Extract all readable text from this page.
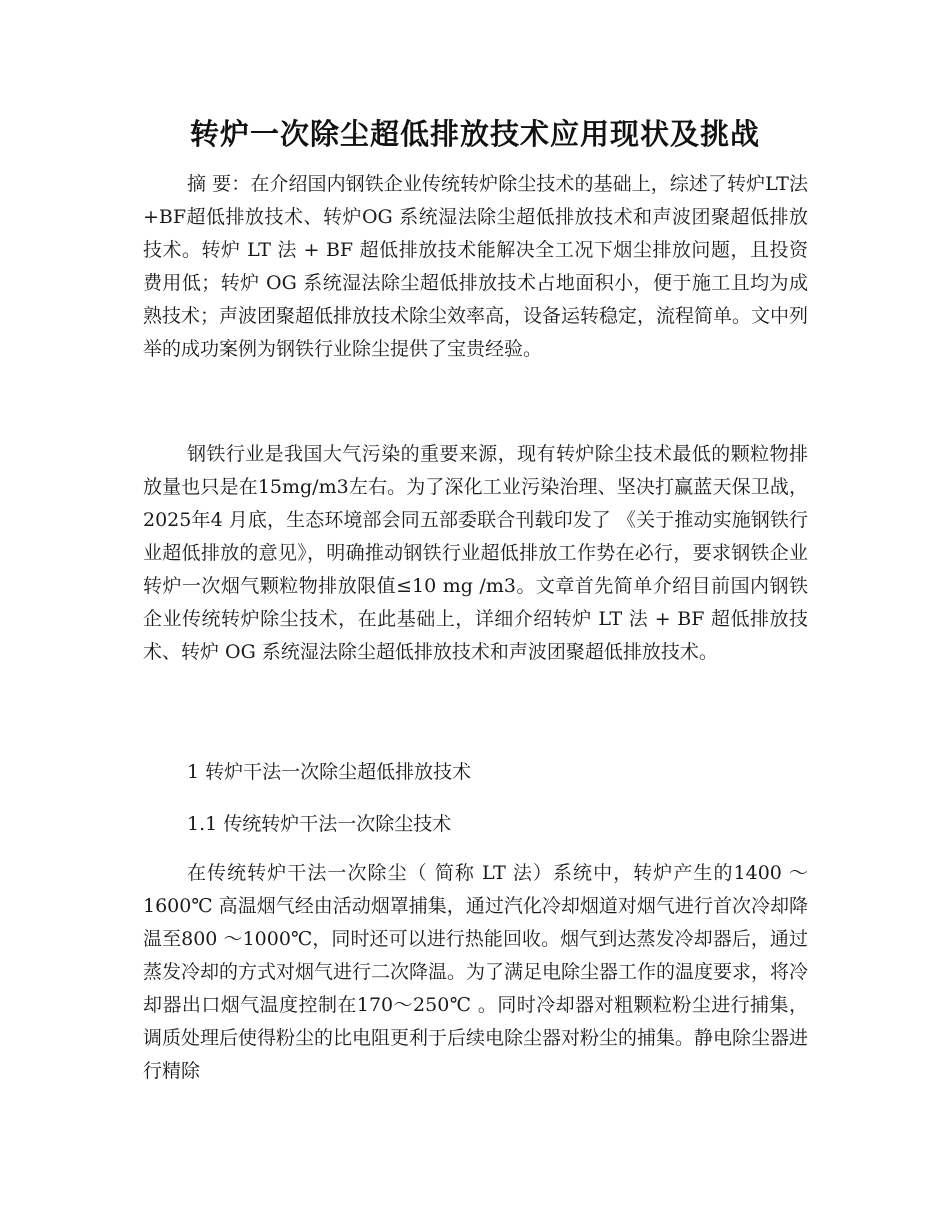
转炉一次除尘超低排放技术应用现状及挑战

摘 要：在介绍国内钢铁企业传统转炉除尘技术的基础上，综述了转炉LT法 +BF超低排放技术、转炉OG 系统湿法除尘超低排放技术和声波团聚超低排放技术。转炉 LT 法 + BF 超低排放技术能解决全工况下烟尘排放问题，且投资费用低；转炉 OG 系统湿法除尘超低排放技术占地面积小，便于施工且均为成熟技术；声波团聚超低排放技术除尘效率高，设备运转稳定，流程简单。文中列举的成功案例为钢铁行业除尘提供了宝贵经验。

钢铁行业是我国大气污染的重要来源，现有转炉除尘技术最低的颗粒物排放量也只是在15mg/m3左右。为了深化工业污染治理、坚决打赢蓝天保卫战，2025年4 月底，生态环境部会同五部委联合刊载印发了 《关于推动实施钢铁行业超低排放的意见》，明确推动钢铁行业超低排放工作势在必行，要求钢铁企业转炉一次烟气颗粒物排放限值≤10 mg /m3。文章首先简单介绍目前国内钢铁企业传统转炉除尘技术，在此基础上，详细介绍转炉 LT 法 + BF 超低排放技术、转炉 OG 系统湿法除尘超低排放技术和声波团聚超低排放技术。

1 转炉干法一次除尘超低排放技术

1.1 传统转炉干法一次除尘技术

在传统转炉干法一次除尘（ 简称 LT 法）系统中，转炉产生的1400 ～1600℃ 高温烟气经由活动烟罩捕集，通过汽化冷却烟道对烟气进行首次冷却降温至800 ～1000℃，同时还可以进行热能回收。烟气到达蒸发冷却器后，通过蒸发冷却的方式对烟气进行二次降温。为了满足电除尘器工作的温度要求，将冷却器出口烟气温度控制在170～250℃ 。同时冷却器对粗颗粒粉尘进行捕集，调质处理后使得粉尘的比电阻更利于后续电除尘器对粉尘的捕集。静电除尘器进行精除
